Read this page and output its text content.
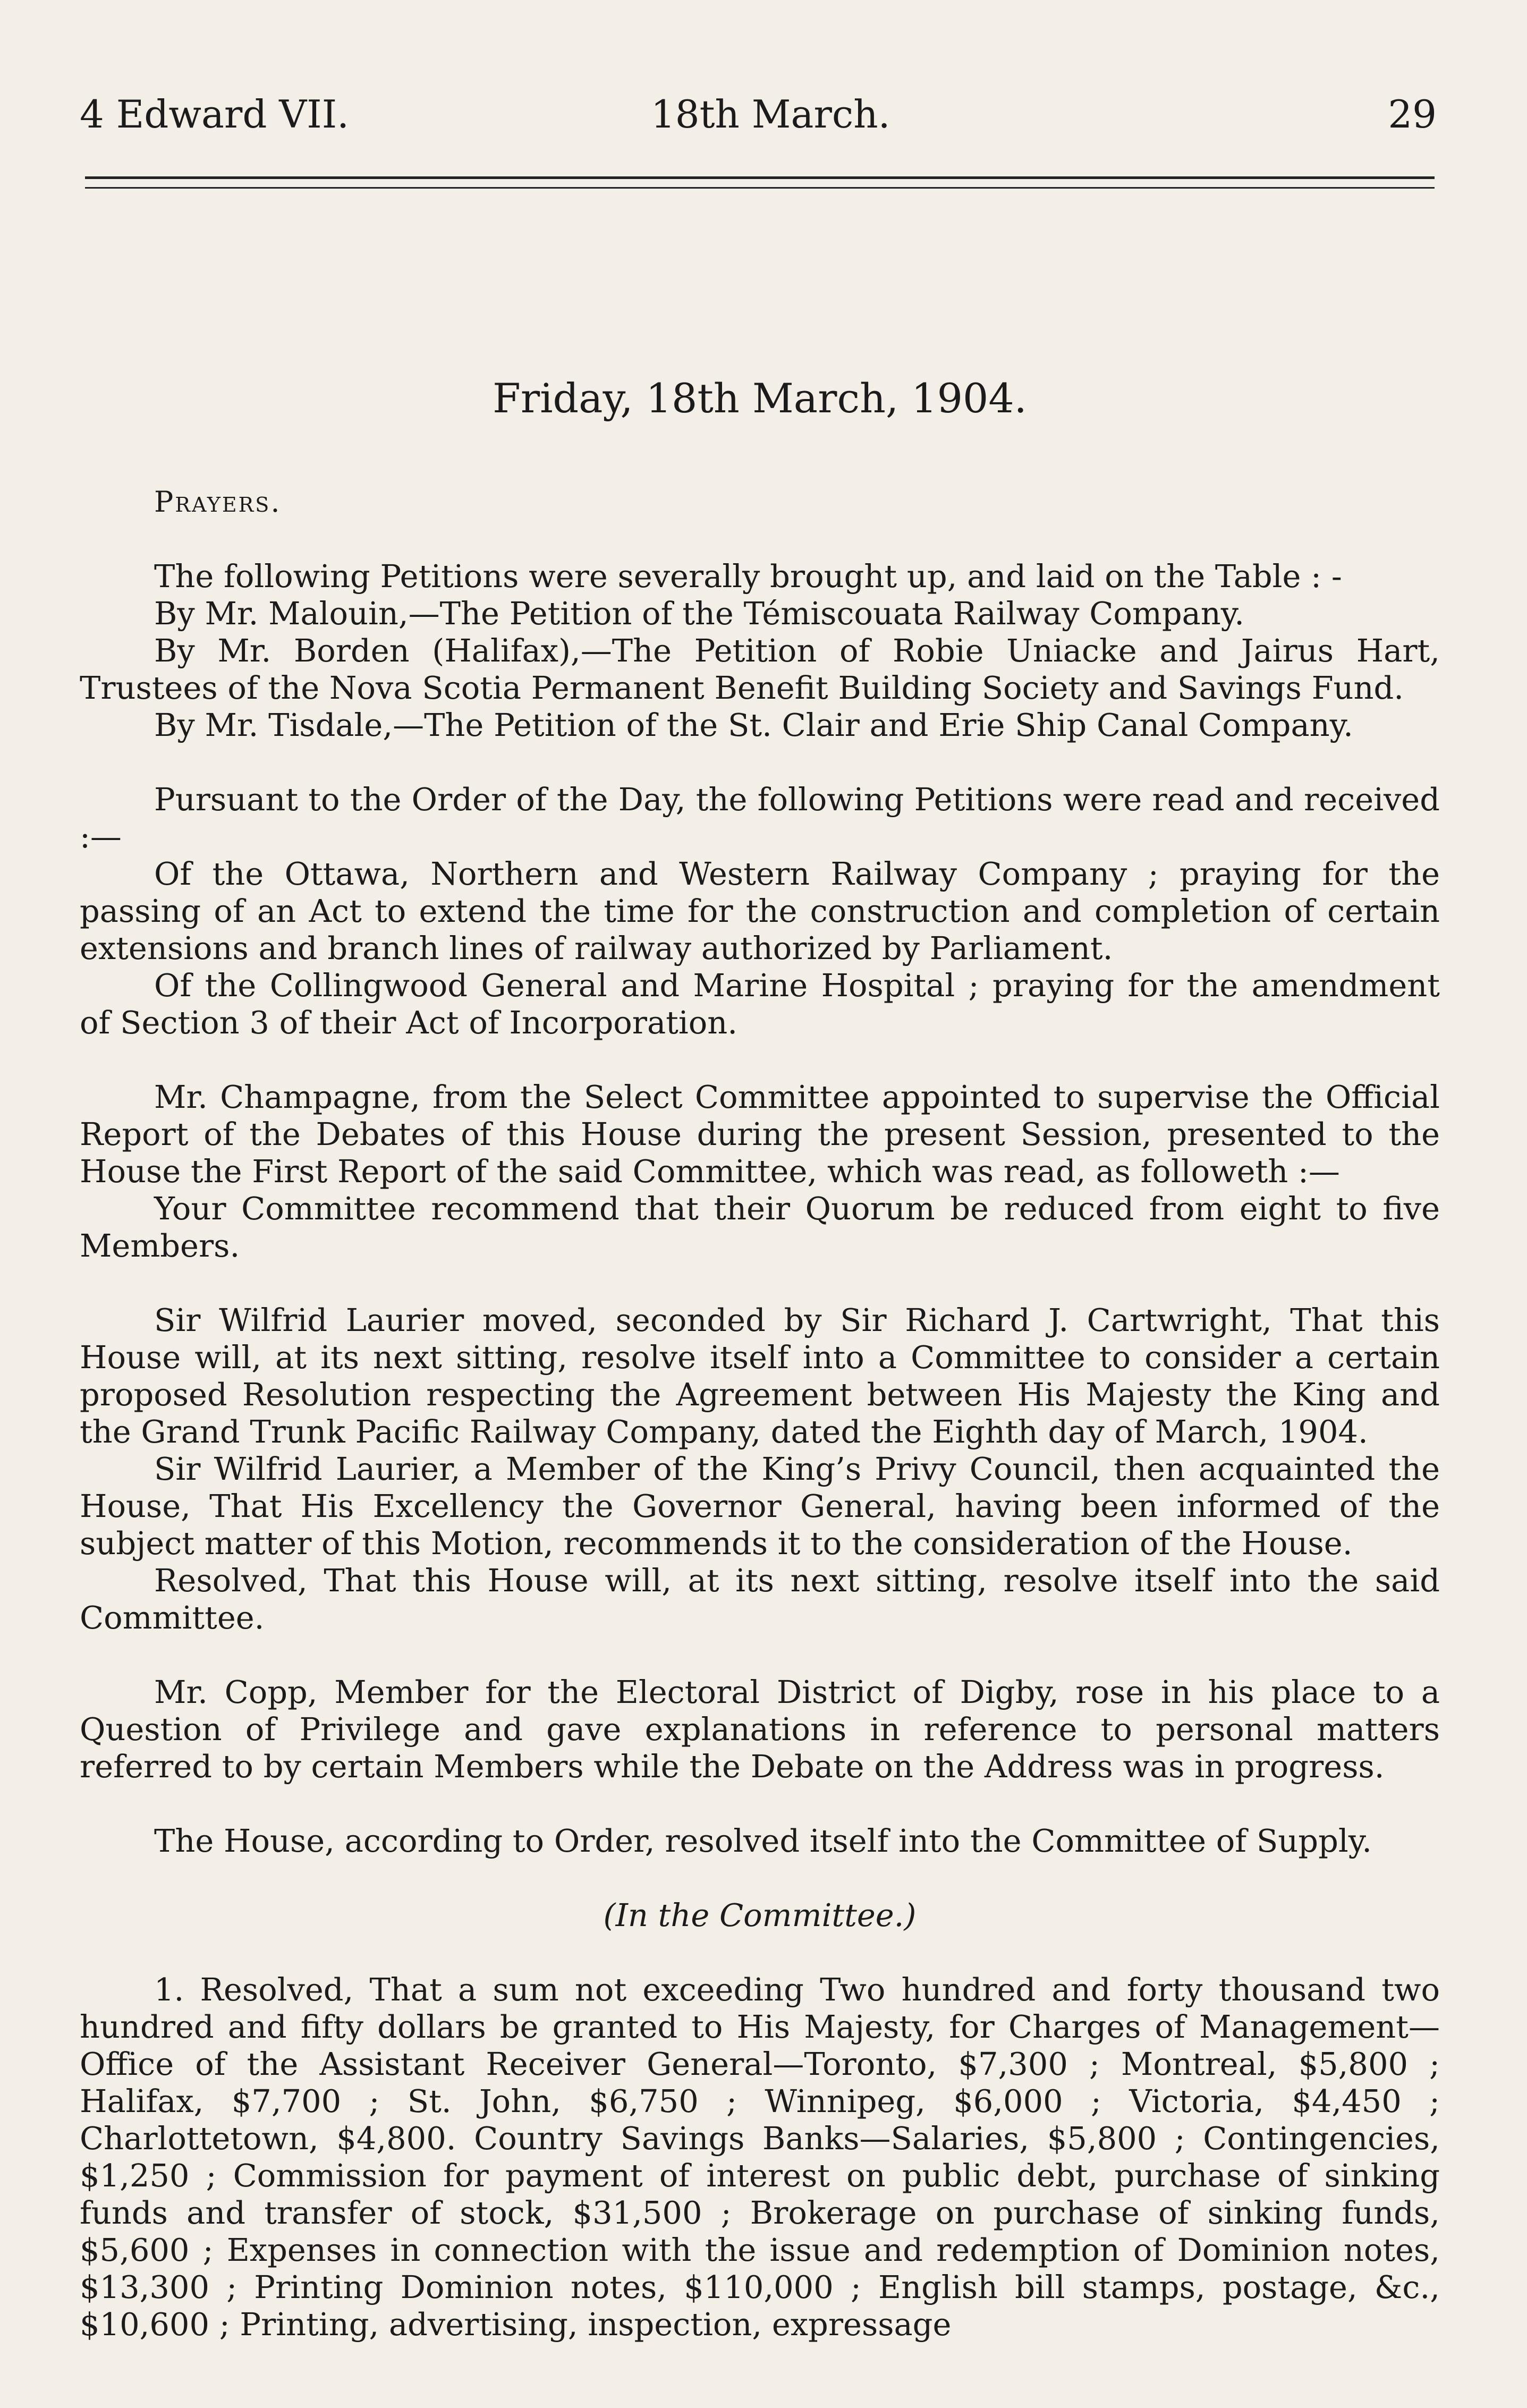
4 Edward VII.	18th March.	29
Friday, 18th March, 1904.
Prayers.

The following Petitions were severally brought up, and laid on the Table : -

By Mr. Malouin,—The Petition of the Témiscouata Railway Company.

By Mr. Borden (Halifax),—The Petition of Robie Uniacke and Jairus Hart, Trustees of the Nova Scotia Permanent Benefit Building Society and Savings Fund.

By Mr. Tisdale,—The Petition of the St. Clair and Erie Ship Canal Company.

Pursuant to the Order of the Day, the following Petitions were read and received :—

Of the Ottawa, Northern and Western Railway Company ; praying for the passing of an Act to extend the time for the construction and completion of certain extensions and branch lines of railway authorized by Parliament.

Of the Collingwood General and Marine Hospital ; praying for the amendment of Section 3 of their Act of Incorporation.

Mr. Champagne, from the Select Committee appointed to supervise the Official Report of the Debates of this House during the present Session, presented to the House the First Report of the said Committee, which was read, as followeth :—

Your Committee recommend that their Quorum be reduced from eight to five Members.

Sir Wilfrid Laurier moved, seconded by Sir Richard J. Cartwright, That this House will, at its next sitting, resolve itself into a Committee to consider a certain proposed Resolution respecting the Agreement between His Majesty the King and the Grand Trunk Pacific Railway Company, dated the Eighth day of March, 1904.

Sir Wilfrid Laurier, a Member of the King’s Privy Council, then acquainted the House, That His Excellency the Governor General, having been informed of the subject matter of this Motion, recommends it to the consideration of the House.

Resolved, That this House will, at its next sitting, resolve itself into the said Committee.

Mr. Copp, Member for the Electoral District of Digby, rose in his place to a Question of Privilege and gave explanations in reference to personal matters referred to by certain Members while the Debate on the Address was in progress.

The House, according to Order, resolved itself into the Committee of Supply.

(In the Committee.)

1. Resolved, That a sum not exceeding Two hundred and forty thousand two hundred and fifty dollars be granted to His Majesty, for Charges of Management—Office of the Assistant Receiver General—Toronto, $7,300 ; Montreal, $5,800 ; Halifax, $7,700 ; St. John, $6,750 ; Winnipeg, $6,000 ; Victoria, $4,450 ; Charlottetown, $4,800. Country Savings Banks—Salaries, $5,800 ; Contingencies, $1,250 ; Commission for payment of interest on public debt, purchase of sinking funds and transfer of stock, $31,500 ; Brokerage on purchase of sinking funds, $5,600 ; Expenses in connection with the issue and redemption of Dominion notes, $13,300 ; Printing Dominion notes, $110,000 ; English bill stamps, postage, &c., $10,600 ; Printing, advertising, inspection, expressage
